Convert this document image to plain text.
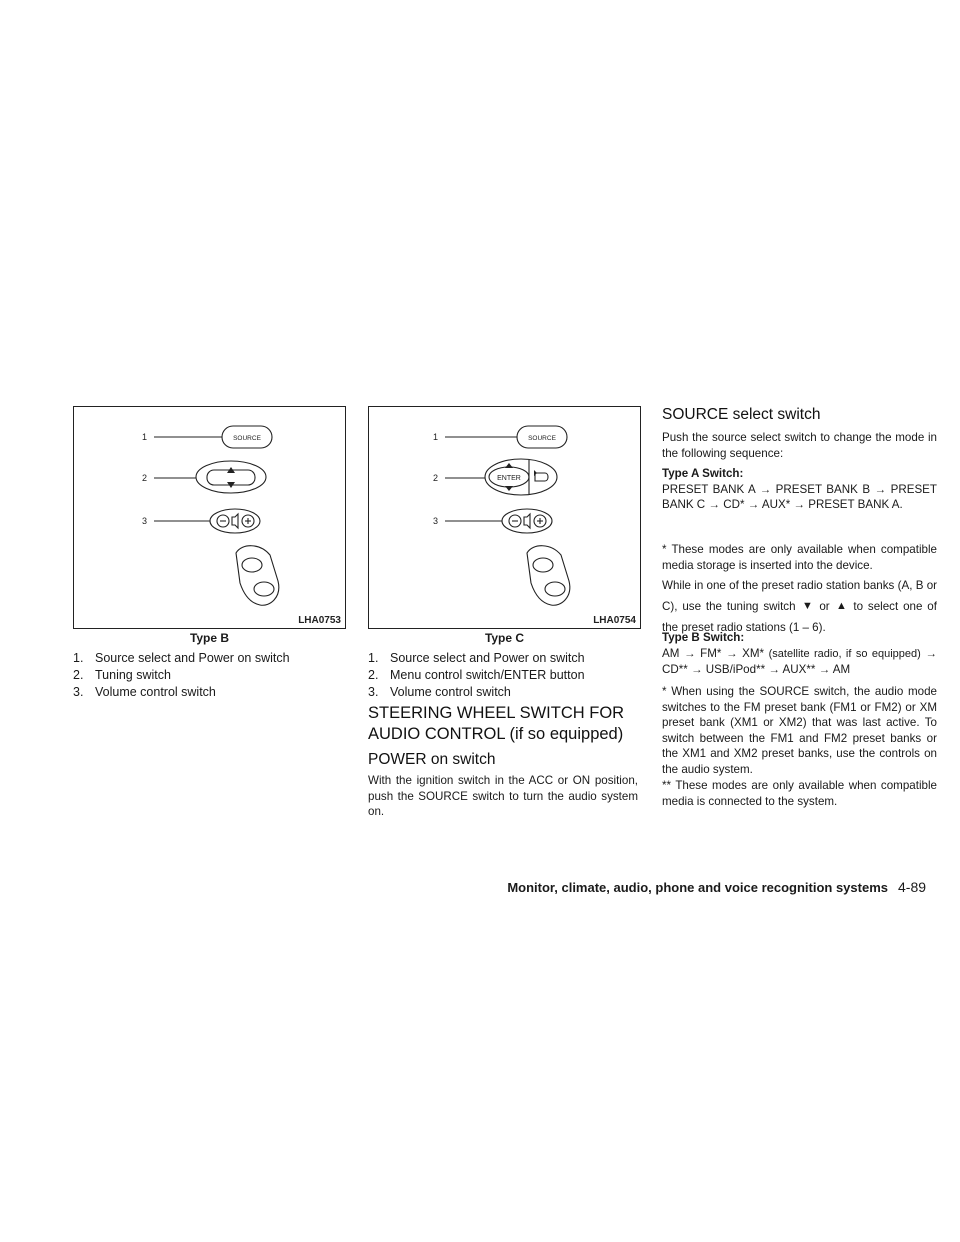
SOURCE
1
2
3
LHA0753
Type B
1. Source select and Power on switch
2. Tuning switch
3. Volume control switch
ENTER
SOURCE
1
2
3
LHA0754
Type C
1. Source select and Power on switch
2. Menu control switch/ENTER button
3. Volume control switch
STEERING WHEEL SWITCH FOR AUDIO CONTROL (if so equipped)
POWER on switch

With the ignition switch in the ACC or ON position, push the SOURCE switch to turn the audio system on.

SOURCE select switch

Push the source select switch to change the mode in the following sequence:

Type A Switch:
PRESET BANK A → PRESET BANK B → PRESET BANK C → CD* → AUX* → PRESET BANK A.

* These modes are only available when compatible media storage is inserted into the device.

While in one of the preset radio station banks (A, B or C), use the tuning switch ▼ or ▲ to select one of the preset radio stations (1 – 6).

Type B Switch:
AM → FM* → XM* (satellite radio, if so equipped) → CD** → USB/iPod** → AUX** → AM

* When using the SOURCE switch, the audio mode switches to the FM preset bank (FM1 or FM2) or XM preset bank (XM1 or XM2) that was last active. To switch between the FM1 and FM2 preset banks or the XM1 and XM2 preset banks, use the controls on the audio system.

** These modes are only available when compatible media is connected to the system.

Monitor, climate, audio, phone and voice recognition systems 4-89
